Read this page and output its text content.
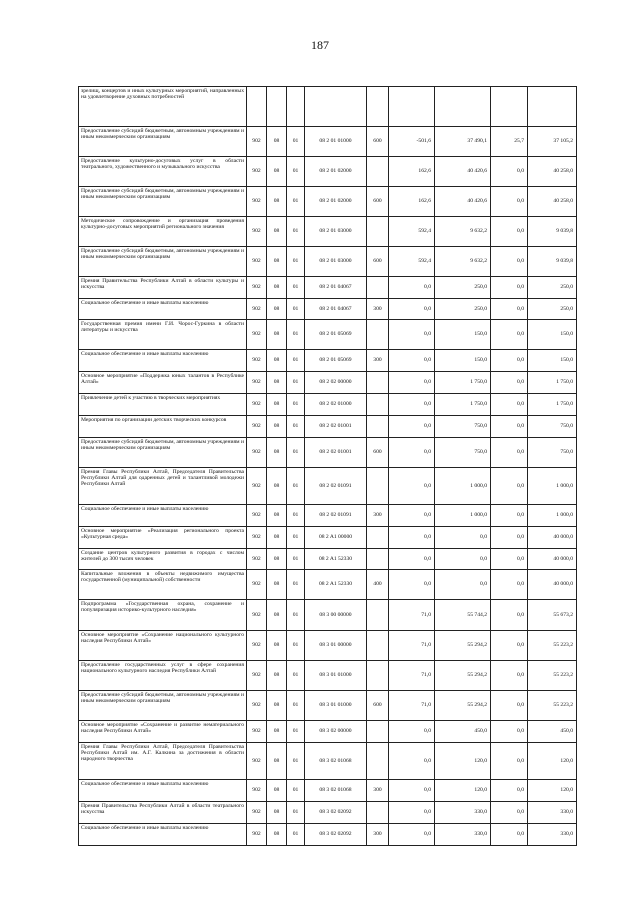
187
зрелищ, концертов и иных культурных мероприятий, направленных на удовлетворение духовных потребностей									
Предоставление субсидий бюджетным, автономным учреждениям и иным некоммерческим организациям	902	08	01	08 2 01 01000	600	-501,6	37 490,1	25,7	37 105,2
Предоставление культурно-досуговых услуг в области театрального, художественного и музыкального искусства	902	08	01	08 2 01 02000		162,6	40 420,6	0,0	40 258,0
Предоставление субсидий бюджетным, автономным учреждениям и иным некоммерческим организациям	902	08	01	08 2 01 02000	600	162,6	40 420,6	0,0	40 258,0
Методическое сопровождение и организация проведения культурно-досуговых мероприятий регионального значения	902	08	01	08 2 01 03000		592,4	9 632,2	0,0	9 039,8
Предоставление субсидий бюджетным, автономным учреждениям и иным некоммерческим организациям	902	08	01	08 2 01 03000	600	592,4	9 632,2	0,0	9 039,8
Премия Правительства Республики Алтай в области культуры и искусства	902	08	01	08 2 01 04067		0,0	250,0	0,0	250,0
Социальное обеспечение и иные выплаты населению	902	08	01	08 2 01 04067	300	0,0	250,0	0,0	250,0
Государственная премия имени Г.И. Чорос-Гуркина в области литературы и искусства	902	08	01	08 2 01 05069		0,0	150,0	0,0	150,0
Социальное обеспечение и иные выплаты населению	902	08	01	08 2 01 05069	300	0,0	150,0	0,0	150,0
Основное мероприятие «Поддержка юных талантов в Республике Алтай»	902	08	01	08 2 02 00000		0,0	1 750,0	0,0	1 750,0
Привлечение детей к участию в творческих мероприятиях	902	08	01	08 2 02 01000		0,0	1 750,0	0,0	1 750,0
Мероприятия по организации детских творческих конкурсов	902	08	01	08 2 02 01001		0,0	750,0	0,0	750,0
Предоставление субсидий бюджетным, автономным учреждениям и иным некоммерческим организациям	902	08	01	08 2 02 01001	600	0,0	750,0	0,0	750,0
Премия Главы Республики Алтай, Председателя Правительства Республики Алтай для одаренных детей и талантливой молодежи Республики Алтай	902	08	01	08 2 02 01091		0,0	1 000,0	0,0	1 000,0
Социальное обеспечение и иные выплаты населению	902	08	01	08 2 02 01091	300	0,0	1 000,0	0,0	1 000,0
Основное мероприятие «Реализация регионального проекта «Культурная среда»	902	08	01	08 2 A1 00000		0,0	0,0	0,0	40 000,0
Создание центров культурного развития в городах с числом жителей до 300 тысяч человек	902	08	01	08 2 A1 52330		0,0	0,0	0,0	40 000,0
Капитальные вложения в объекты недвижимого имущества государственной (муниципальной) собственности	902	08	01	08 2 A1 52330	400	0,0	0,0	0,0	40 000,0
Подпрограмма «Государственная охрана, сохранение и популяризация историко-культурного наследия»	902	08	01	08 3 00 00000		71,0	55 744,2	0,0	55 673,2
Основное мероприятие «Сохранение национального культурного наследия Республики Алтай»	902	08	01	08 3 01 00000		71,0	55 294,2	0,0	55 223,2
Предоставление государственных услуг в сфере сохранения национального культурного наследия Республики Алтай	902	08	01	08 3 01 01000		71,0	55 294,2	0,0	55 223,2
Предоставление субсидий бюджетным, автономным учреждениям и иным некоммерческим организациям	902	08	01	08 3 01 01000	600	71,0	55 294,2	0,0	55 223,2
Основное мероприятие «Сохранение и развитие нематериального наследия Республики Алтай»	902	08	01	08 3 02 00000		0,0	450,0	0,0	450,0
Премия Главы Республики Алтай, Председателя Правительства Республики Алтай им. А.Г. Калкина за достижения в области народного творчества	902	08	01	08 3 02 01068		0,0	120,0	0,0	120,0
Социальное обеспечение и иные выплаты населению	902	08	01	08 3 02 01068	300	0,0	120,0	0,0	120,0
Премия Правительства Республики Алтай в области театрального искусства	902	08	01	08 3 02 02092		0,0	330,0	0,0	330,0
Социальное обеспечение и иные выплаты населению	902	08	01	08 3 02 02092	300	0,0	330,0	0,0	330,0
